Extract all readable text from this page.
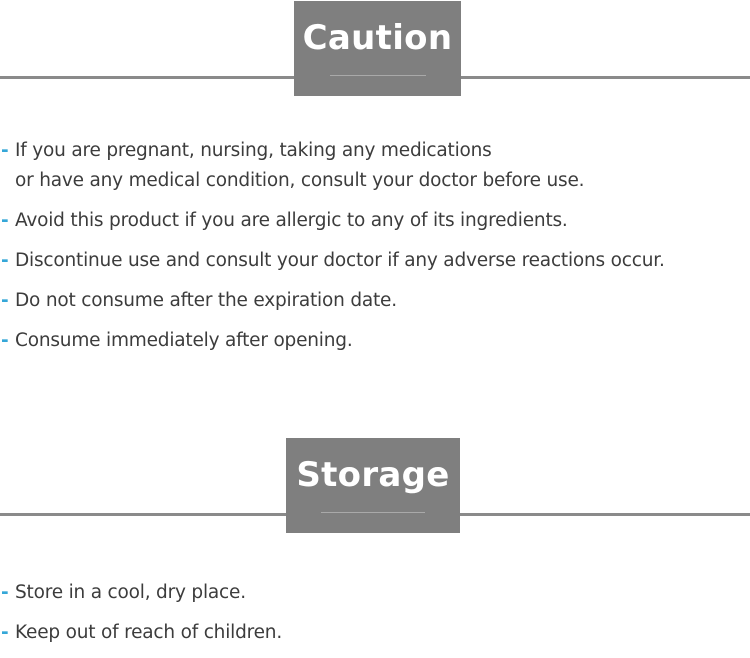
Caution
- If you are pregnant, nursing, taking any medications
or have any medical condition, consult your doctor before use.
- Avoid this product if you are allergic to any of its ingredients.
- Discontinue use and consult your doctor if any adverse reactions occur.
- Do not consume after the expiration date.
- Consume immediately after opening.
Storage
- Store in a cool, dry place.
- Keep out of reach of children.
